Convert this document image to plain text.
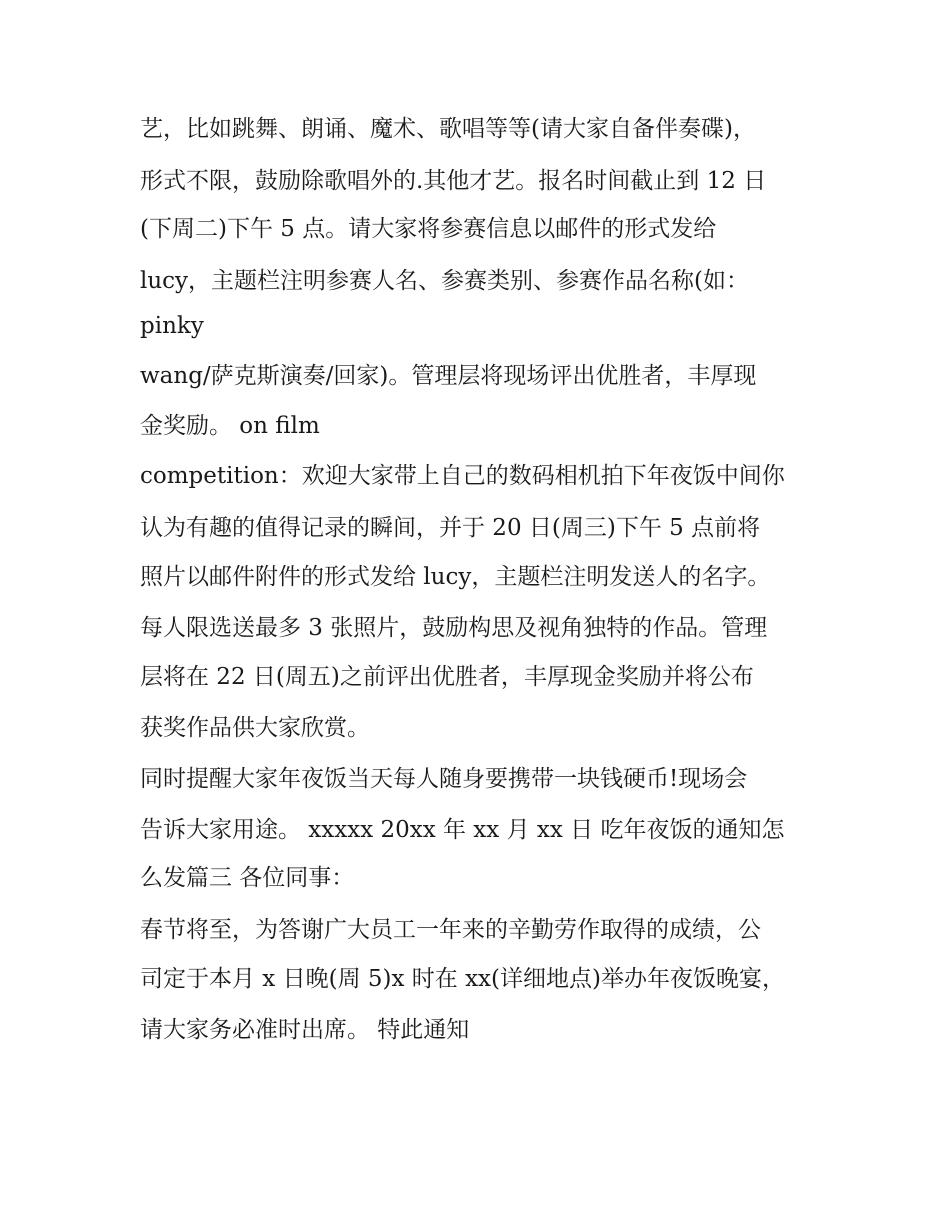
艺，比如跳舞、朗诵、魔术、歌唱等等(请大家自备伴奏碟)，

形式不限，鼓励除歌唱外的.其他才艺。报名时间截止到 12 日

(下周二)下午 5 点。请大家将参赛信息以邮件的形式发给

lucy，主题栏注明参赛人名、参赛类别、参赛作品名称(如：

pinky

wang/萨克斯演奏/回家)。管理层将现场评出优胜者，丰厚现

金奖励。 on film

competition：欢迎大家带上自己的数码相机拍下年夜饭中间你

认为有趣的值得记录的瞬间，并于 20 日(周三)下午 5 点前将

照片以邮件附件的形式发给 lucy，主题栏注明发送人的名字。

每人限选送最多 3 张照片，鼓励构思及视角独特的作品。管理

层将在 22 日(周五)之前评出优胜者，丰厚现金奖励并将公布

获奖作品供大家欣赏。

同时提醒大家年夜饭当天每人随身要携带一块钱硬币!现场会

告诉大家用途。 xxxxx 20xx 年 xx 月 xx 日 吃年夜饭的通知怎

么发篇三 各位同事：

春节将至，为答谢广大员工一年来的辛勤劳作取得的成绩，公

司定于本月 x 日晚(周 5)x 时在 xx(详细地点)举办年夜饭晚宴，

请大家务必准时出席。 特此通知
